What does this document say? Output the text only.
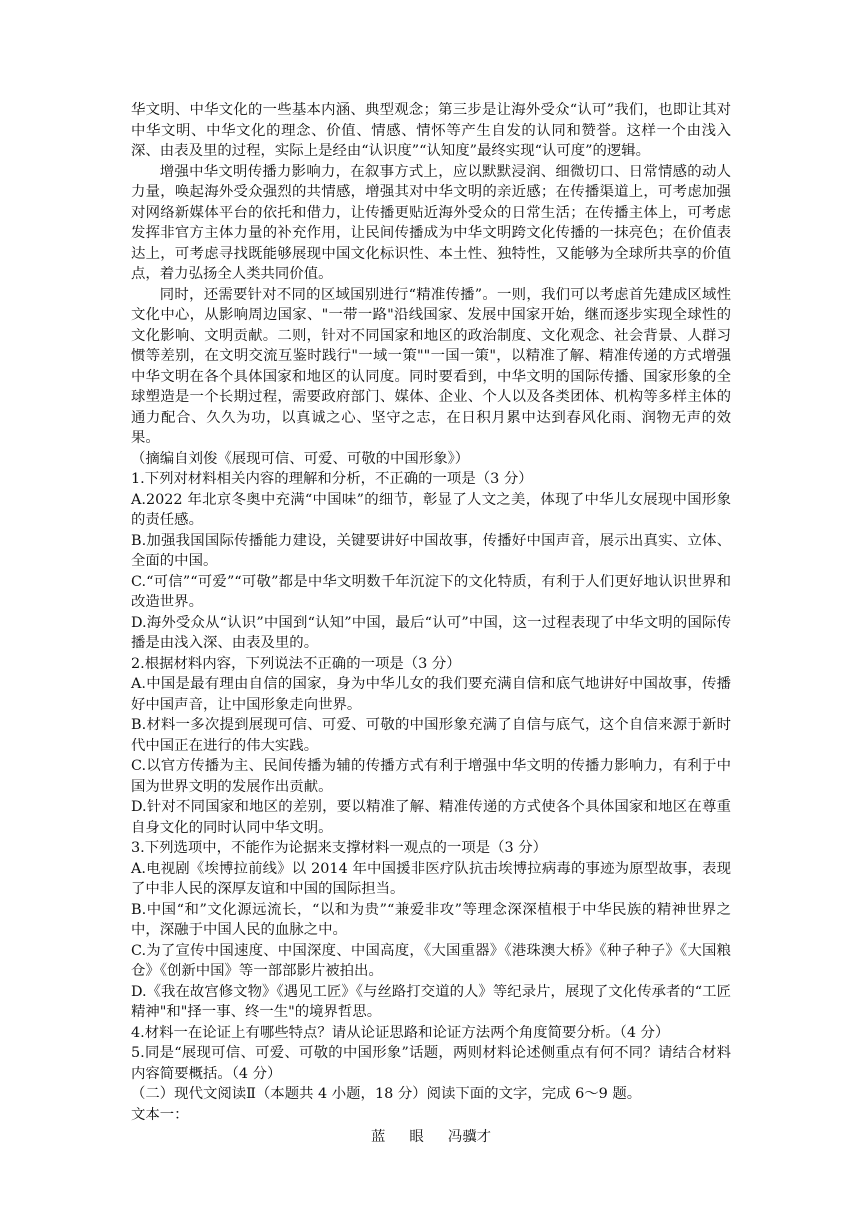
华文明、中华文化的一些基本内涵、典型观念；第三步是让海外受众“认可”我们，也即让其对中华文明、中华文化的理念、价值、情感、情怀等产生自发的认同和赞誉。这样一个由浅入深、由表及里的过程，实际上是经由“认识度”“认知度”最终实现“认可度”的逻辑。

增强中华文明传播力影响力，在叙事方式上，应以默默浸润、细微切口、日常情感的动人力量，唤起海外受众强烈的共情感，增强其对中华文明的亲近感；在传播渠道上，可考虑加强对网络新媒体平台的依托和借力，让传播更贴近海外受众的日常生活；在传播主体上，可考虑发挥非官方主体力量的补充作用，让民间传播成为中华文明跨文化传播的一抹亮色；在价值表达上，可考虑寻找既能够展现中国文化标识性、本土性、独特性，又能够为全球所共享的价值点，着力弘扬全人类共同价值。

同时，还需要针对不同的区域国别进行“精准传播”。一则，我们可以考虑首先建成区域性文化中心，从影响周边国家、"一带一路"沿线国家、发展中国家开始，继而逐步实现全球性的文化影响、文明贡献。二则，针对不同国家和地区的政治制度、文化观念、社会背景、人群习惯等差别，在文明交流互鉴时践行"一域一策""一国一策"，以精准了解、精准传递的方式增强中华文明在各个具体国家和地区的认同度。同时要看到，中华文明的国际传播、国家形象的全球塑造是一个长期过程，需要政府部门、媒体、企业、个人以及各类团体、机构等多样主体的通力配合、久久为功，以真诚之心、坚守之志，在日积月累中达到春风化雨、润物无声的效果。

（摘编自刘俊《展现可信、可爱、可敬的中国形象》）

1.下列对材料相关内容的理解和分析，不正确的一项是（3 分）

A.2022 年北京冬奥中充满“中国味”的细节，彰显了人文之美，体现了中华儿女展现中国形象的责任感。

B.加强我国国际传播能力建设，关键要讲好中国故事，传播好中国声音，展示出真实、立体、全面的中国。

C.“可信”“可爱”“可敬”都是中华文明数千年沉淀下的文化特质，有利于人们更好地认识世界和改造世界。

D.海外受众从“认识”中国到“认知”中国，最后“认可”中国，这一过程表现了中华文明的国际传播是由浅入深、由表及里的。

2.根据材料内容，下列说法不正确的一项是（3 分）

A.中国是最有理由自信的国家，身为中华儿女的我们要充满自信和底气地讲好中国故事，传播好中国声音，让中国形象走向世界。

B.材料一多次提到展现可信、可爱、可敬的中国形象充满了自信与底气，这个自信来源于新时代中国正在进行的伟大实践。

C.以官方传播为主、民间传播为辅的传播方式有利于增强中华文明的传播力影响力，有利于中国为世界文明的发展作出贡献。

D.针对不同国家和地区的差别，要以精准了解、精准传递的方式使各个具体国家和地区在尊重自身文化的同时认同中华文明。

3.下列选项中，不能作为论据来支撑材料一观点的一项是（3 分）

A.电视剧《埃博拉前线》以 2014 年中国援非医疗队抗击埃博拉病毒的事迹为原型故事，表现了中非人民的深厚友谊和中国的国际担当。

B.中国“和”文化源远流长，“以和为贵”“兼爱非攻”等理念深深植根于中华民族的精神世界之中，深融于中国人民的血脉之中。

C.为了宣传中国速度、中国深度、中国高度，《大国重器》《港珠澳大桥》《种子种子》《大国粮仓》《创新中国》等一部部影片被拍出。

D.《我在故宫修文物》《遇见工匠》《与丝路打交道的人》等纪录片，展现了文化传承者的“工匠精神"和"择一事、终一生"的境界哲思。

4.材料一在论证上有哪些特点？请从论证思路和论证方法两个角度简要分析。（4 分）

5.同是“展现可信、可爱、可敬的中国形象”话题，两则材料论述侧重点有何不同？请结合材料内容简要概括。（4 分）

（二）现代文阅读Ⅱ（本题共 4 小题，18 分）阅读下面的文字，完成 6～9 题。

文本一：

蓝 眼 冯骥才
